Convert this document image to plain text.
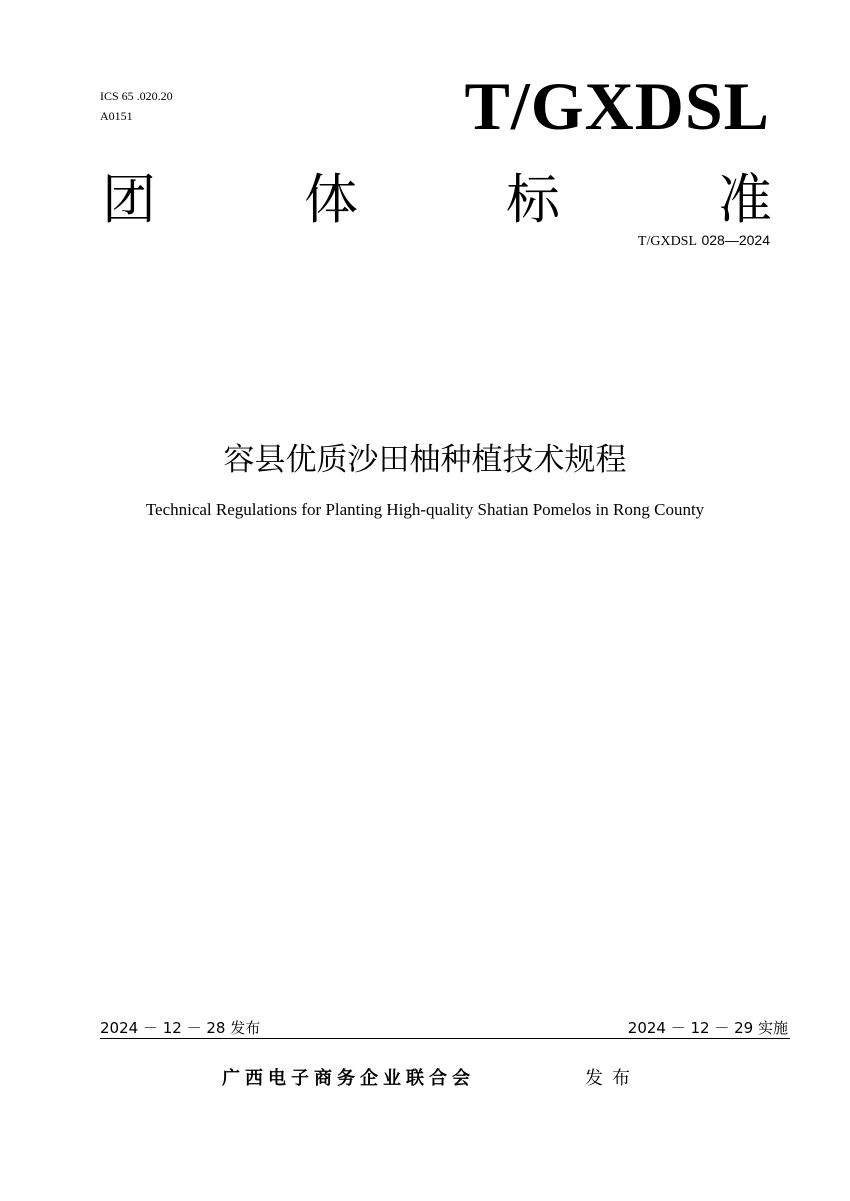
ICS 65 .020.20
A0151	T/GXDSL
团	体	标	准
T/GXDSL 028—2024
容县优质沙田柚种植技术规程
Technical Regulations for Planting High-quality Shatian Pomelos in Rong County
2024 － 12 － 28 发布	2024 － 12 － 29 实施
广西电子商务企业联合会	发布
